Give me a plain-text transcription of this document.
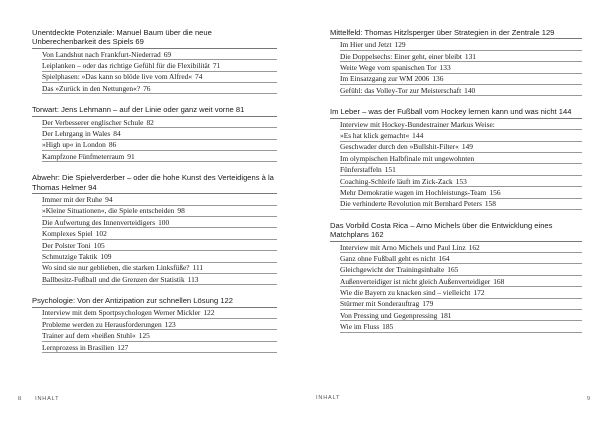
Unentdeckte Potenziale: Manuel Baum über die neue Unberechenbarkeit des Spiels 69
Von Landshut nach Frankfurt-Niederrad 69
Leiplanken – oder das richtige Gefühl für die Flexibilität 71
Spielphasen: »Das kann so blöde live vom Alfred« 74
Das »Zurück in den Nettungen«? 76
Torwart: Jens Lehmann – auf der Linie oder ganz weit vorne 81
Der Verbesserer englischer Schule 82
Der Lehrgang in Wales 84
»High up« in London 86
Kampfzone Fünfmeterraum 91
Abwehr: Die Spielverderber – oder die hohe Kunst des Verteidigens à la Thomas Helmer 94
Immer mit der Ruhe 94
»Kleine Situationen«, die Spiele entscheiden 98
Die Aufwertung des Innenverteidigers 100
Komplexes Spiel 102
Der Polster Toni 105
Schmutzige Taktik 109
Wo sind sie nur geblieben, die starken Linksfüße? 111
Ballbesitz-Fußball und die Grenzen der Statistik 113
Psychologie: Von der Antizipation zur schnellen Lösung 122
Interview mit dem Sportpsychologen Werner Mickler 122
Probleme werden zu Herausforderungen 123
Trainer auf dem »heißen Stuhl« 125
Lernprozess in Brasilien 127
8	INHALT
Mittelfeld: Thomas Hitzlsperger über Strategien in der Zentrale 129
Im Hier und Jetzt 129
Die Doppelsechs: Einer geht, einer bleibt 131
Weite Wege vom spanischen Tor 133
Im Einsatzgang zur WM 2006 136
Gefühl: das Volley-Tor zur Meisterschaft 140
Im Leber – was der Fußball vom Hockey lernen kann und was nicht 144
Interview mit Hockey-Bundestrainer Markus Weise:
»Es hat klick gemacht« 144
Geschwader durch den »Bullshit-Filter« 149
Im olympischen Halbfinale mit ungewohnten
Fünferstaffeln 151
Coaching-Schleife läuft im Zick-Zack 153
Mehr Demokratie wagen im Hochleistungs-Team 156
Die verhinderte Revolution mit Bernhard Peters 158
Das Vorbild Costa Rica – Arno Michels über die Entwicklung eines Matchplans 162
Interview mit Arno Michels und Paul Linz 162
Ganz ohne Fußball geht es nicht 164
Gleichgewicht der Trainingsinhalte 165
Außenverteidiger ist nicht gleich Außenverteidiger 168
Wie die Bayern zu knacken sind – vielleicht 172
Stürmer mit Sonderauftrag 179
Von Pressing und Gegenpressing 181
Wie im Fluss 185
INHALT	9
